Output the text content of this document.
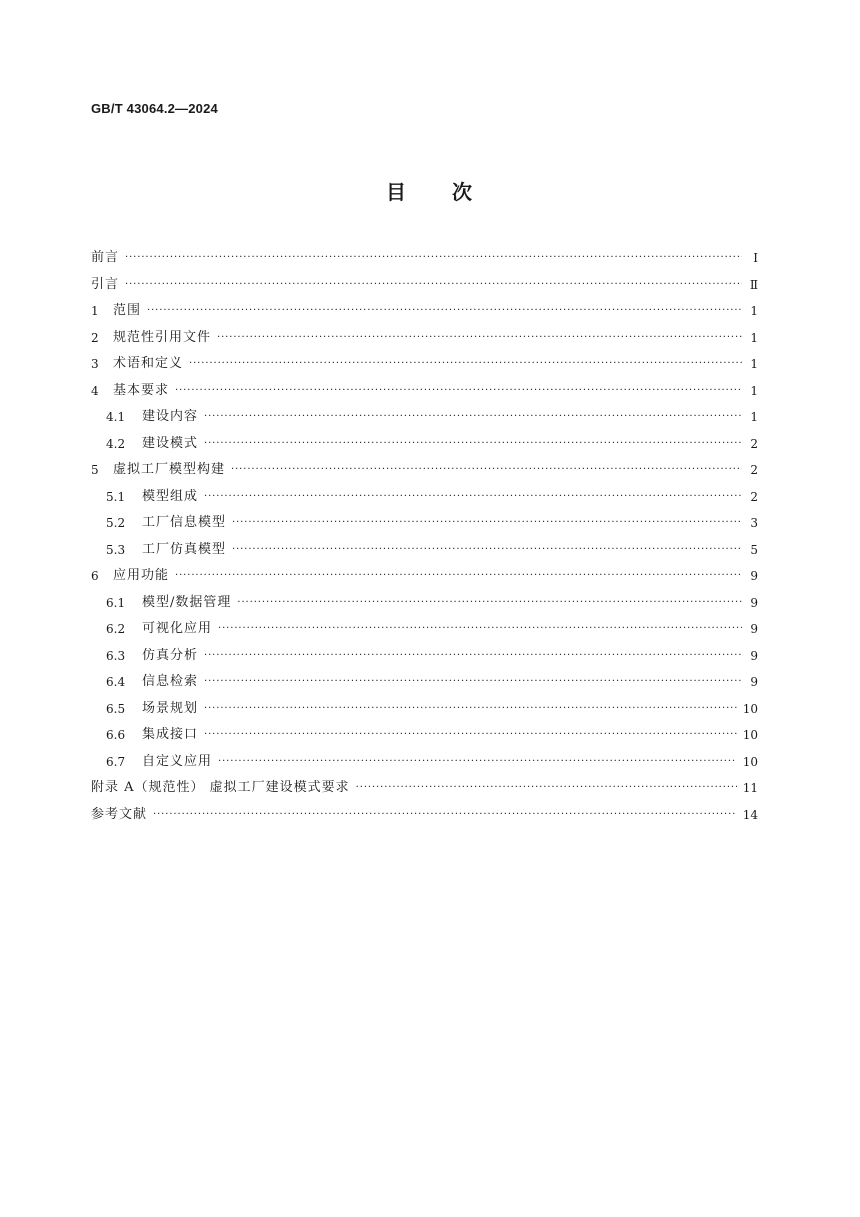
GB/T 43064.2—2024
目 次
前言 ·····	Ⅰ
引言 ·····	Ⅱ
1	范围 ·····	1
2	规范性引用文件 ·····	1
3	术语和定义 ·····	1
4	基本要求 ·····	1
4.1	建设内容 ·····	1
4.2	建设模式 ·····	2
5	虚拟工厂模型构建 ·····	2
5.1	模型组成 ·····	2
5.2	工厂信息模型 ·····	3
5.3	工厂仿真模型 ·····	5
6	应用功能 ·····	9
6.1	模型/数据管理 ·····	9
6.2	可视化应用 ·····	9
6.3	仿真分析 ·····	9
6.4	信息检索 ·····	9
6.5	场景规划 ·····	10
6.6	集成接口 ·····	10
6.7	自定义应用 ·····	10
附录 A（规范性） 虚拟工厂建设模式要求 ·····	11
参考文献 ·····	14
